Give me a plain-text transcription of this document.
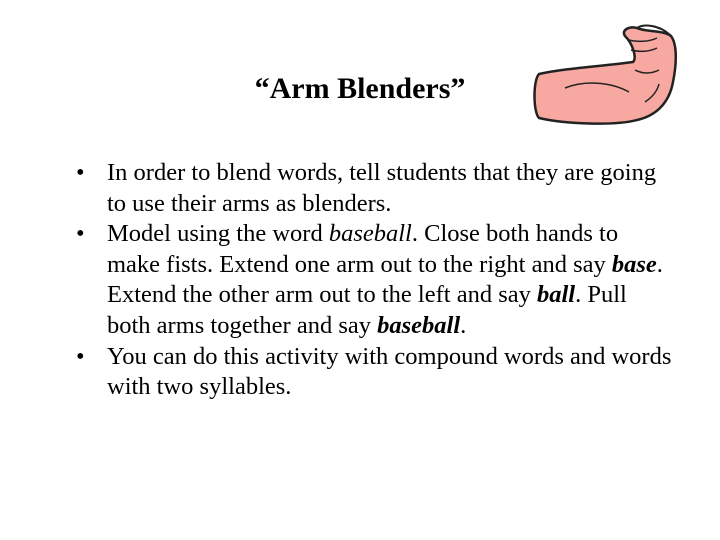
“Arm Blenders”
• In order to blend words, tell students that they are going to use their arms as blenders.
• Model using the word baseball. Close both hands to make fists. Extend one arm out to the right and say base. Extend the other arm out to the left and say ball. Pull both arms together and say baseball.
• You can do this activity with compound words and words with two syllables.
